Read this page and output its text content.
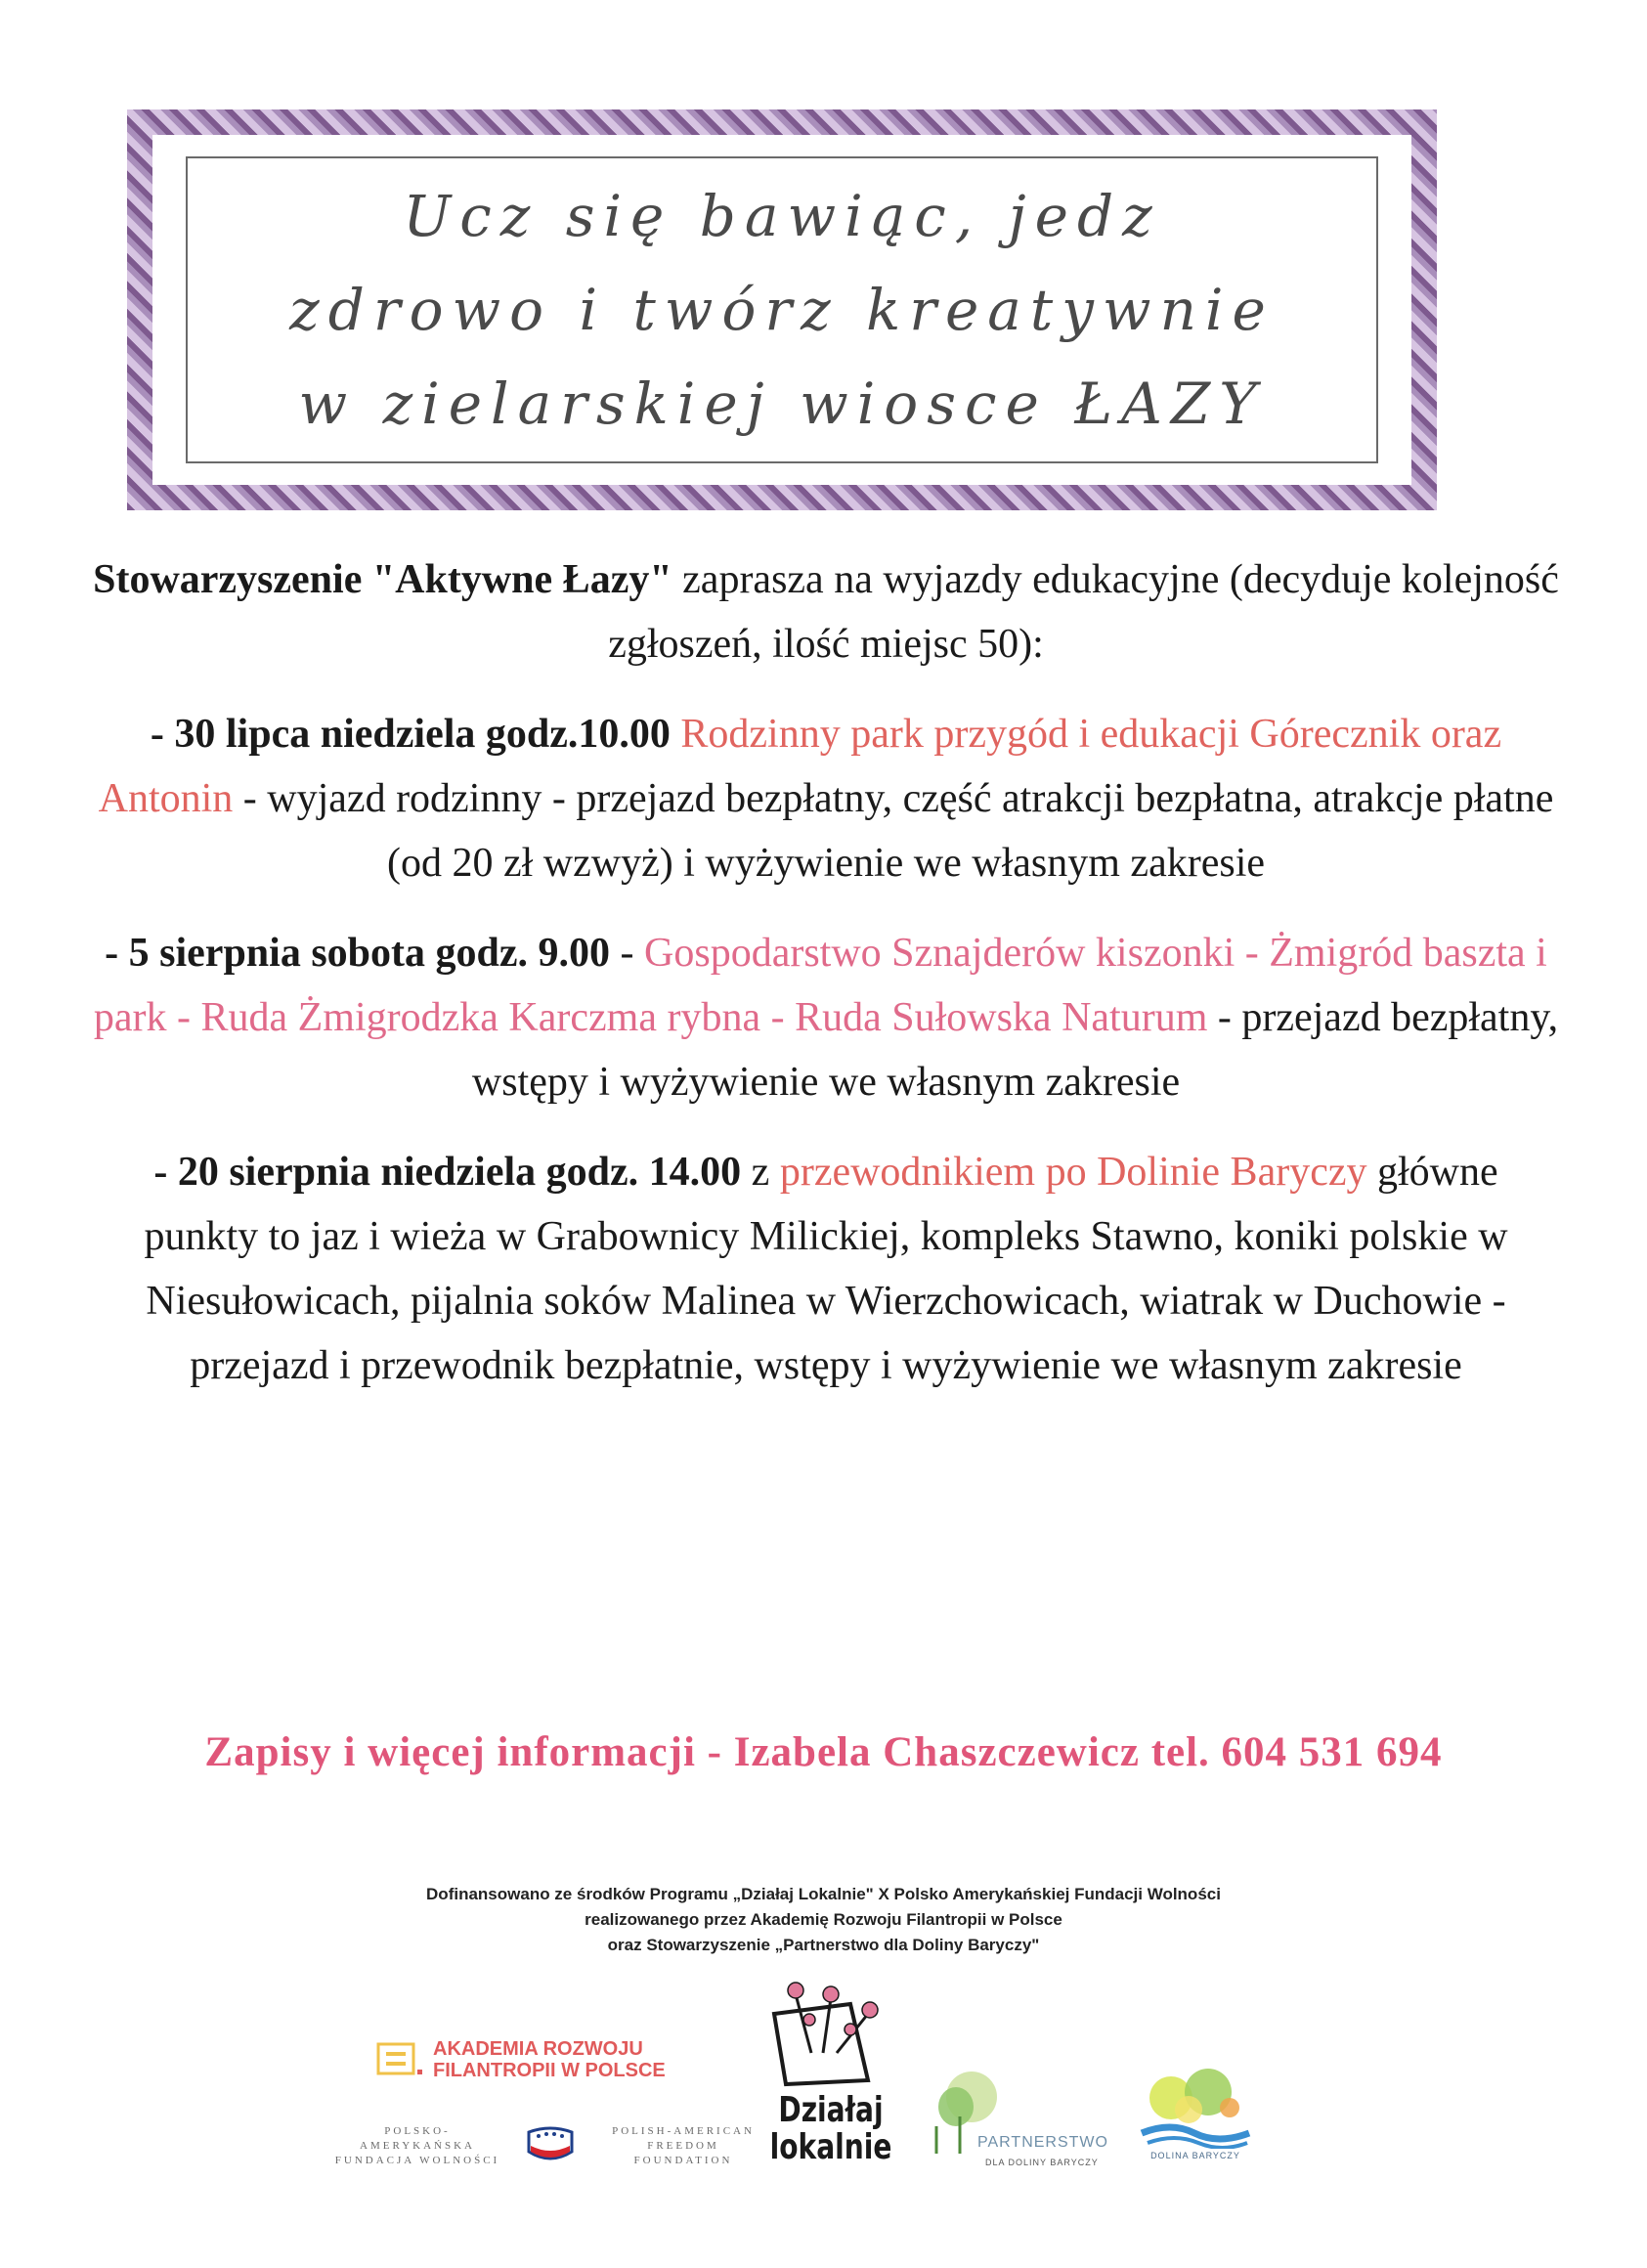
Ucz się bawiąc, jedz
zdrowo i twórz kreatywnie
w zielarskiej wiosce ŁAZY

Stowarzyszenie "Aktywne Łazy" zaprasza na wyjazdy edukacyjne (decyduje kolejność zgłoszeń, ilość miejsc 50):

- 30 lipca niedziela godz.10.00 Rodzinny park przygód i edukacji Górecznik oraz Antonin - wyjazd rodzinny - przejazd bezpłatny, część atrakcji bezpłatna, atrakcje płatne (od 20 zł wzwyż) i wyżywienie we własnym zakresie

- 5 sierpnia sobota godz. 9.00 - Gospodarstwo Sznajderów kiszonki - Żmigród baszta i park - Ruda Żmigrodzka Karczma rybna - Ruda Sułowska Naturum - przejazd bezpłatny, wstępy i wyżywienie we własnym zakresie

- 20 sierpnia niedziela godz. 14.00 z przewodnikiem po Dolinie Baryczy główne punkty to jaz i wieża w Grabownicy Milickiej, kompleks Stawno, koniki polskie w Niesułowicach, pijalnia soków Malinea w Wierzchowicach, wiatrak w Duchowie - przejazd i przewodnik bezpłatnie, wstępy i wyżywienie we własnym zakresie

Zapisy i więcej informacji - Izabela Chaszczewicz tel. 604 531 694
Dofinansowano ze środków Programu „Działaj Lokalnie" X Polsko Amerykańskiej Fundacji Wolności
realizowanego przez Akademię Rozwoju Filantropii w Polsce
oraz Stowarzyszenie „Partnerstwo dla Doliny Baryczy"
AKADEMIA ROZWOJU
FILANTROPII W POLSCE
POLSKO-AMERYKAŃSKA
FUNDACJA WOLNOŚCI
POLISH-AMERICAN
FREEDOM FOUNDATION
Działaj
lokalnie	PARTNERSTWO
DLA DOLINY BARYCZY
DOLINA BARYCZY
